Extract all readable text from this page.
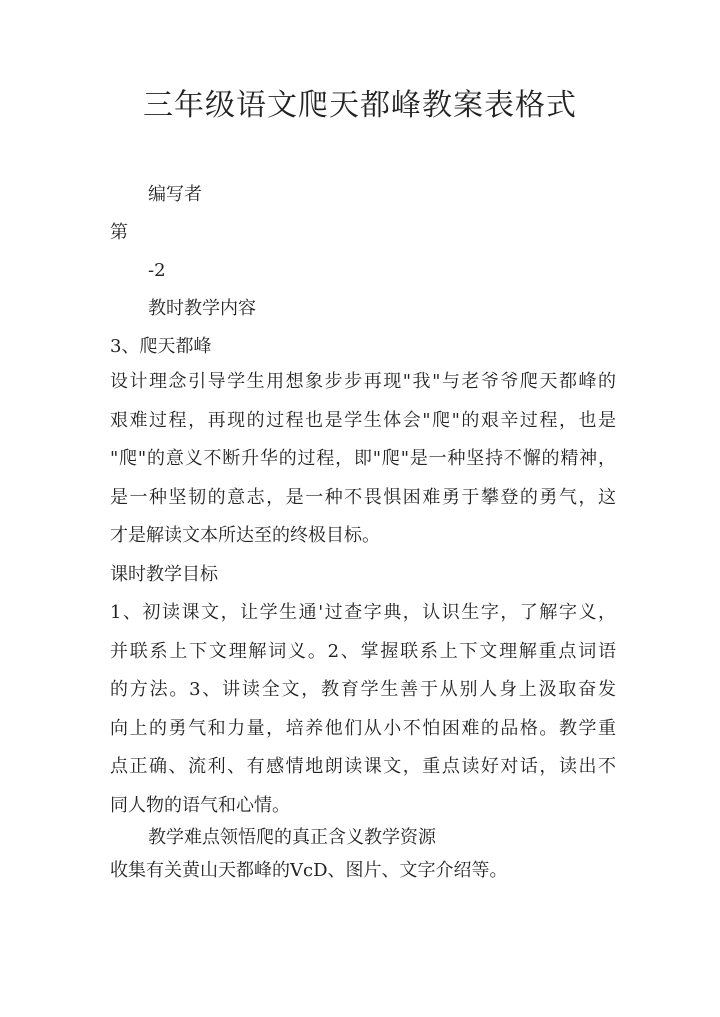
三年级语文爬天都峰教案表格式

编写者

第

-2

教时教学内容

3、爬天都峰

设计理念引导学生用想象步步再现"我"与老爷爷爬天都峰的
艰难过程，再现的过程也是学生体会"爬"的艰辛过程，也是
"爬"的意义不断升华的过程，即"爬"是一种坚持不懈的精神，
是一种坚韧的意志，是一种不畏惧困难勇于攀登的勇气，这
才是解读文本所达至的终极目标。

课时教学目标

1、初读课文，让学生通'过查字典，认识生字，了解字义，
并联系上下文理解词义。2、掌握联系上下文理解重点词语
的方法。3、讲读全文，教育学生善于从别人身上汲取奋发
向上的勇气和力量，培养他们从小不怕困难的品格。教学重
点正确、流利、有感情地朗读课文，重点读好对话，读出不
同人物的语气和心情。

教学难点领悟爬的真正含义教学资源

收集有关黄山天都峰的VcD、图片、文字介绍等。
